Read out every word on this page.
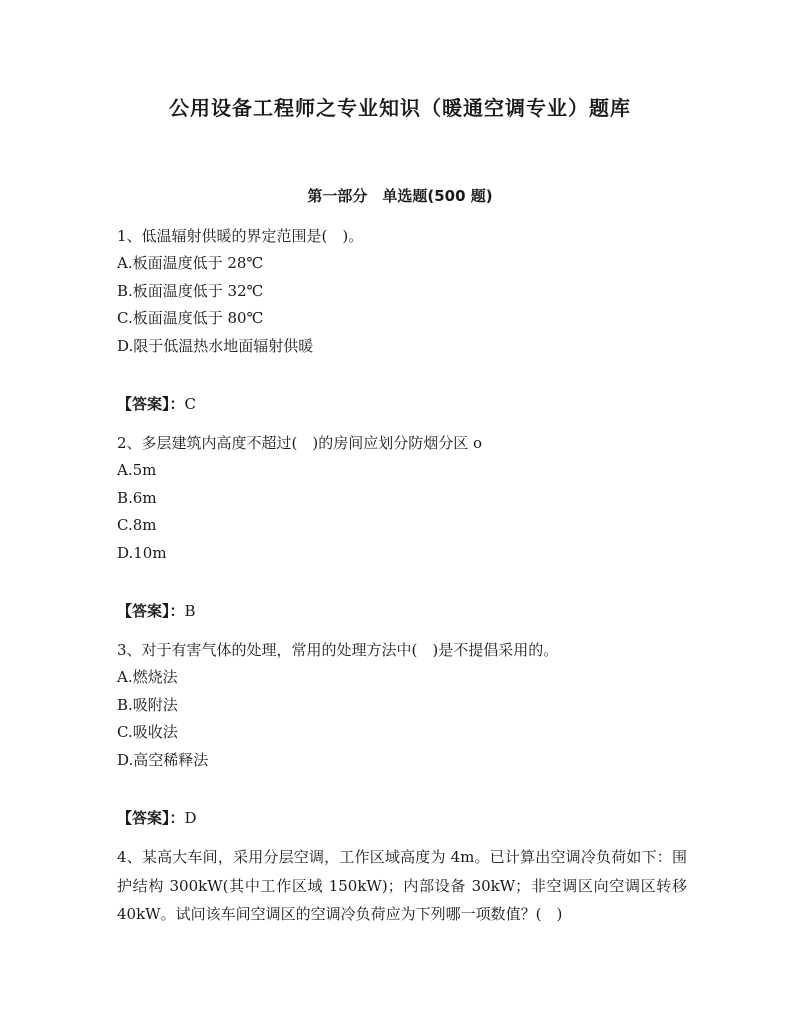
公用设备工程师之专业知识（暖通空调专业）题库
第一部分　单选题(500 题)

1、低温辐射供暖的界定范围是(　)。

A.板面温度低于 28℃

B.板面温度低于 32℃

C.板面温度低于 80℃

D.限于低温热水地面辐射供暖

【答案】：C

2、多层建筑内高度不超过(　)的房间应划分防烟分区 o

A.5m

B.6m

C.8m

D.10m

【答案】：B

3、对于有害气体的处理，常用的处理方法中(　)是不提倡采用的。

A.燃烧法

B.吸附法

C.吸收法

D.高空稀释法

【答案】：D

4、某高大车间，采用分层空调，工作区域高度为 4m。已计算出空调冷负荷如下：围护结构 300kW(其中工作区域 150kW)；内部设备 30kW；非空调区向空调区转移 40kW。试问该车间空调区的空调冷负荷应为下列哪一项数值？(　)
